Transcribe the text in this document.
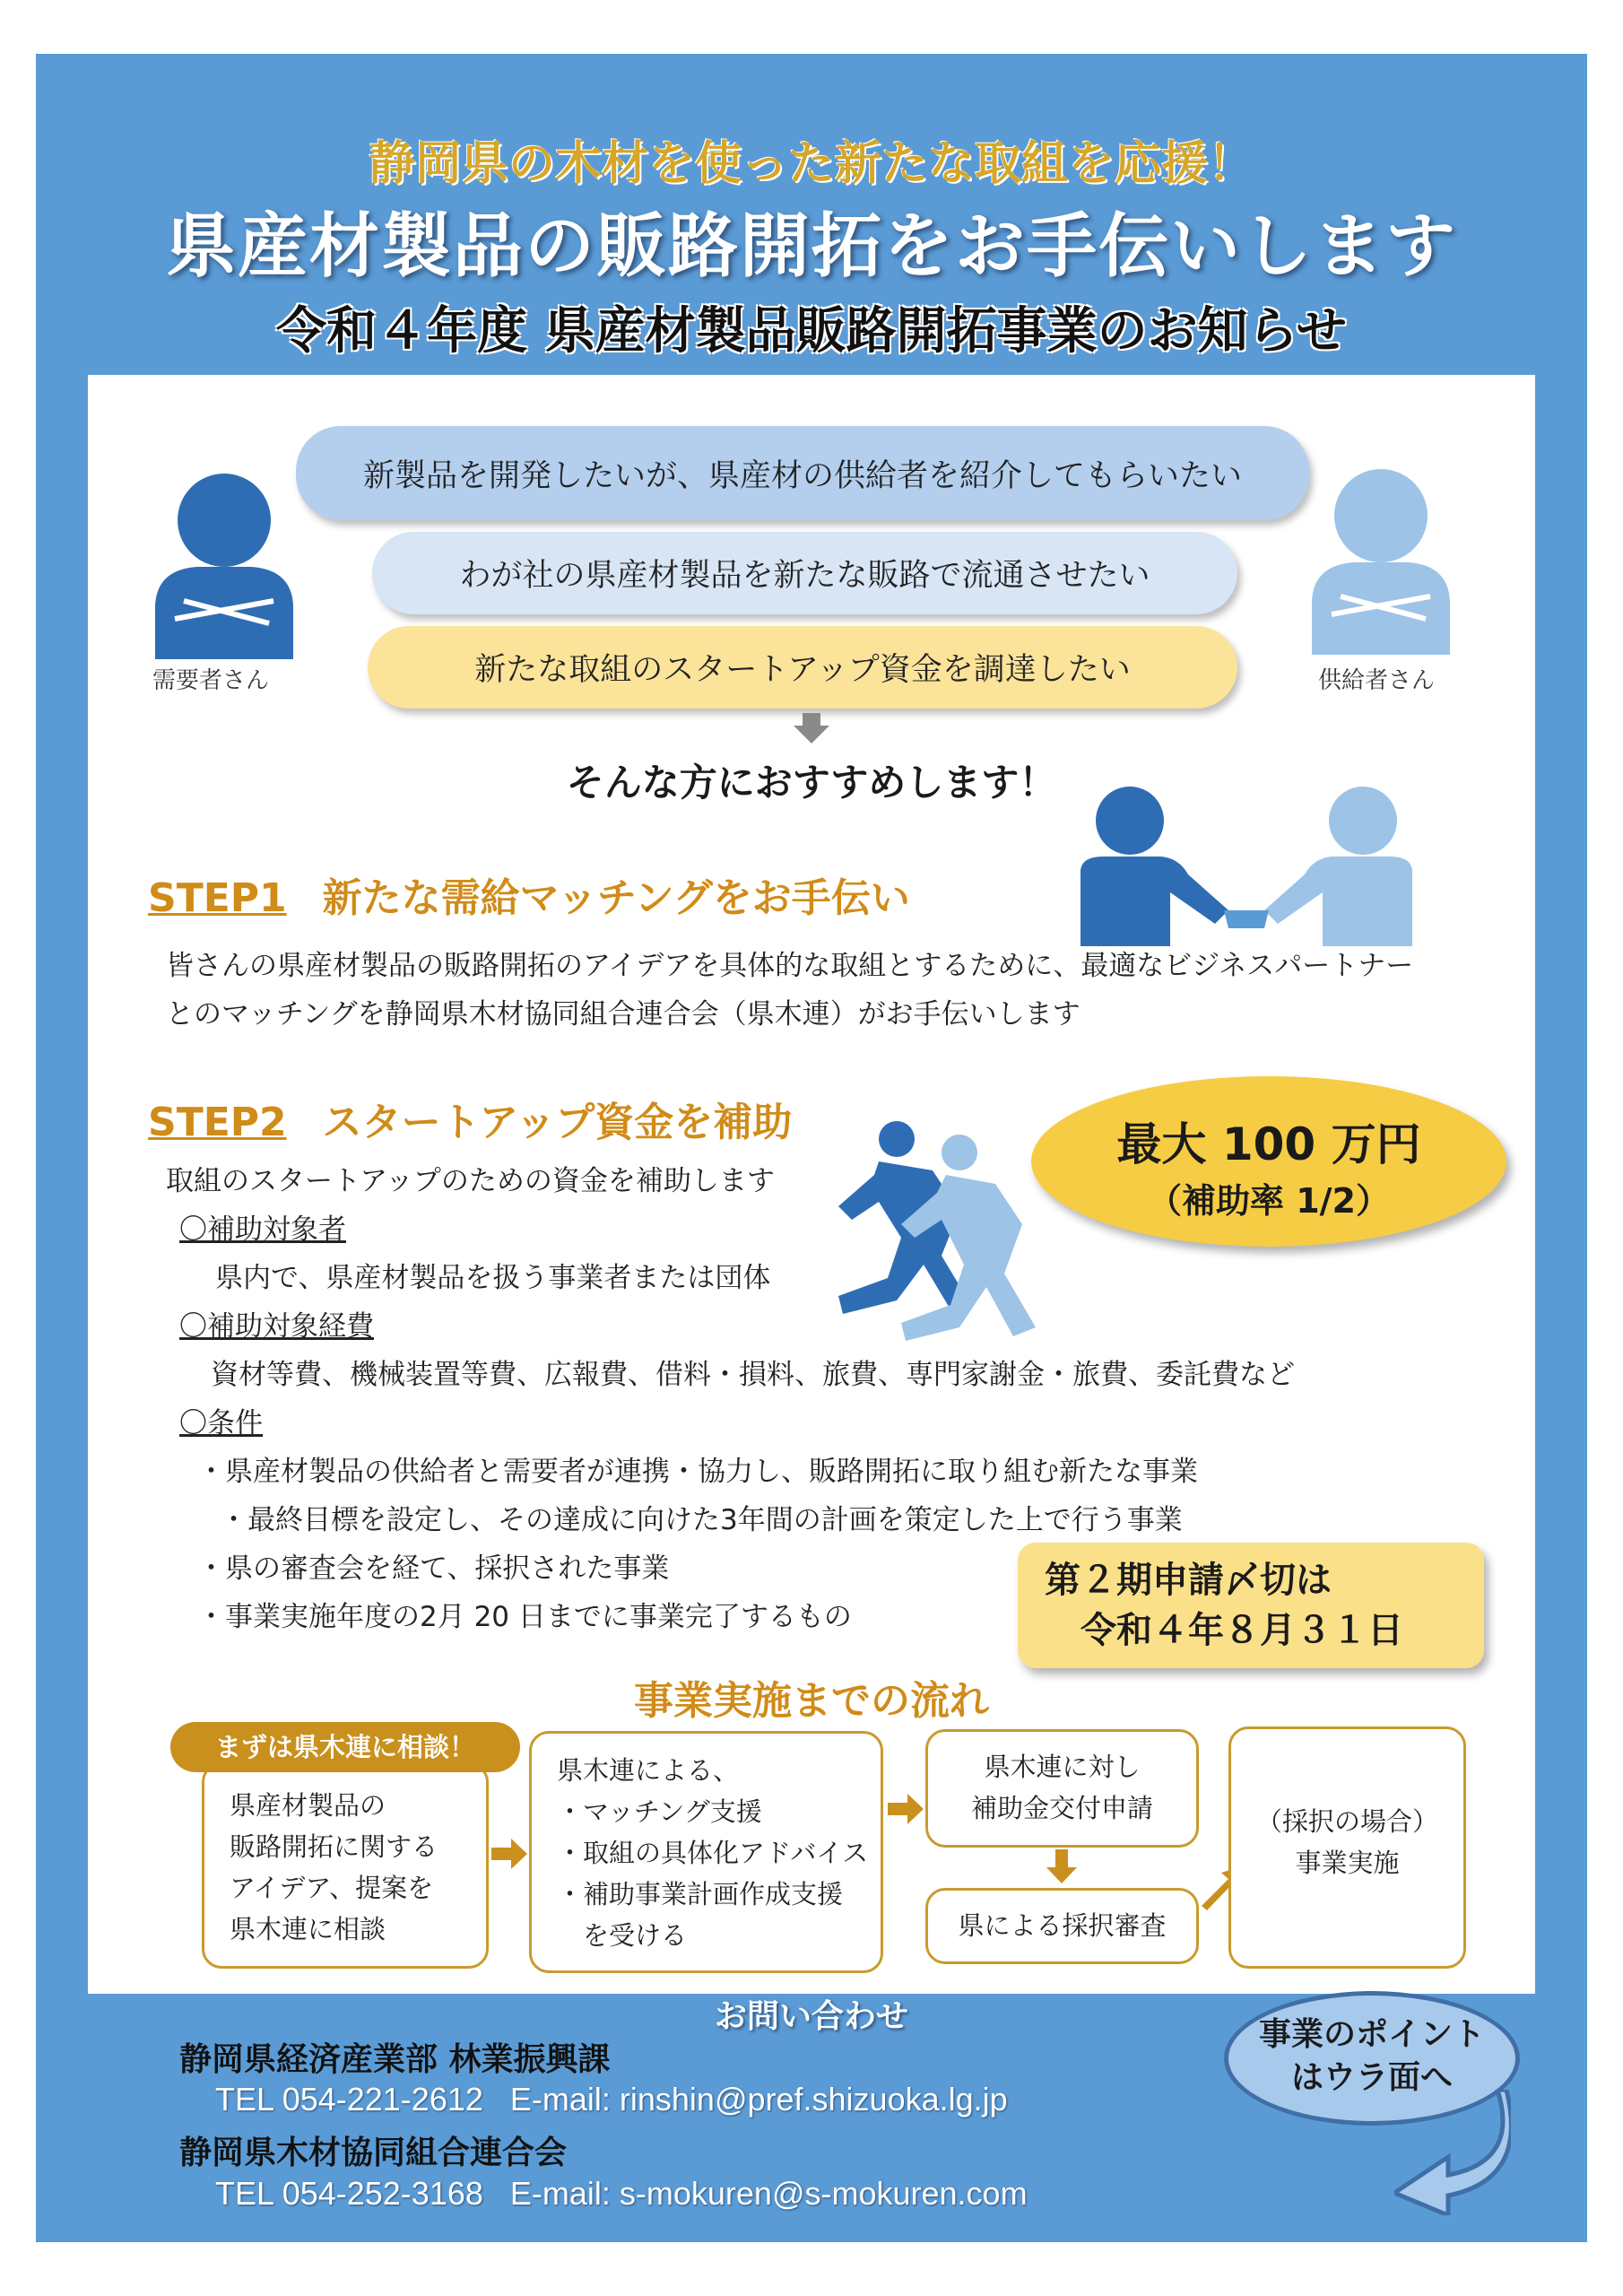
静岡県の木材を使った新たな取組を応援！
県産材製品の販路開拓をお手伝いします
令和４年度 県産材製品販路開拓事業のお知らせ
需要者さん	供給者さん
新製品を開発したいが、県産材の供給者を紹介してもらいたい
わが社の県産材製品を新たな販路で流通させたい
新たな取組のスタートアップ資金を調達したい
そんな方におすすめします！
STEP1 新たな需給マッチングをお手伝い
皆さんの県産材製品の販路開拓のアイデアを具体的な取組とするために、最適なビジネスパートナー
とのマッチングを静岡県木材協同組合連合会（県木連）がお手伝いします
STEP2 スタートアップ資金を補助	最大 100 万円
（補助率 1/2）
取組のスタートアップのための資金を補助します
〇補助対象者
県内で、県産材製品を扱う事業者または団体
〇補助対象経費
資材等費、機械装置等費、広報費、借料・損料、旅費、専門家謝金・旅費、委託費など
〇条件
・県産材製品の供給者と需要者が連携・協力し、販路開拓に取り組む新たな事業
・最終目標を設定し、その達成に向けた3年間の計画を策定した上で行う事業
・県の審査会を経て、採択された事業
・事業実施年度の2月 20 日までに事業完了するもの
第２期申請〆切は
令和４年８月３１日
事業実施までの流れ
県産材製品の
販路開拓に関する
アイデア、提案を
県木連に相談
まずは県木連に相談！
県木連による、
・マッチング支援
・取組の具体化アドバイス
・補助事業計画作成支援
　を受ける
県木連に対し
補助金交付申請
県による採択審査
（採択の場合）
事業実施
お問い合わせ
静岡県経済産業部 林業振興課
TEL 054-221-2612   E-mail: rinshin@pref.shizuoka.lg.jp
静岡県木材協同組合連合会
TEL 054-252-3168   E-mail: s-mokuren@s-mokuren.com
事業のポイント
はウラ面へ
